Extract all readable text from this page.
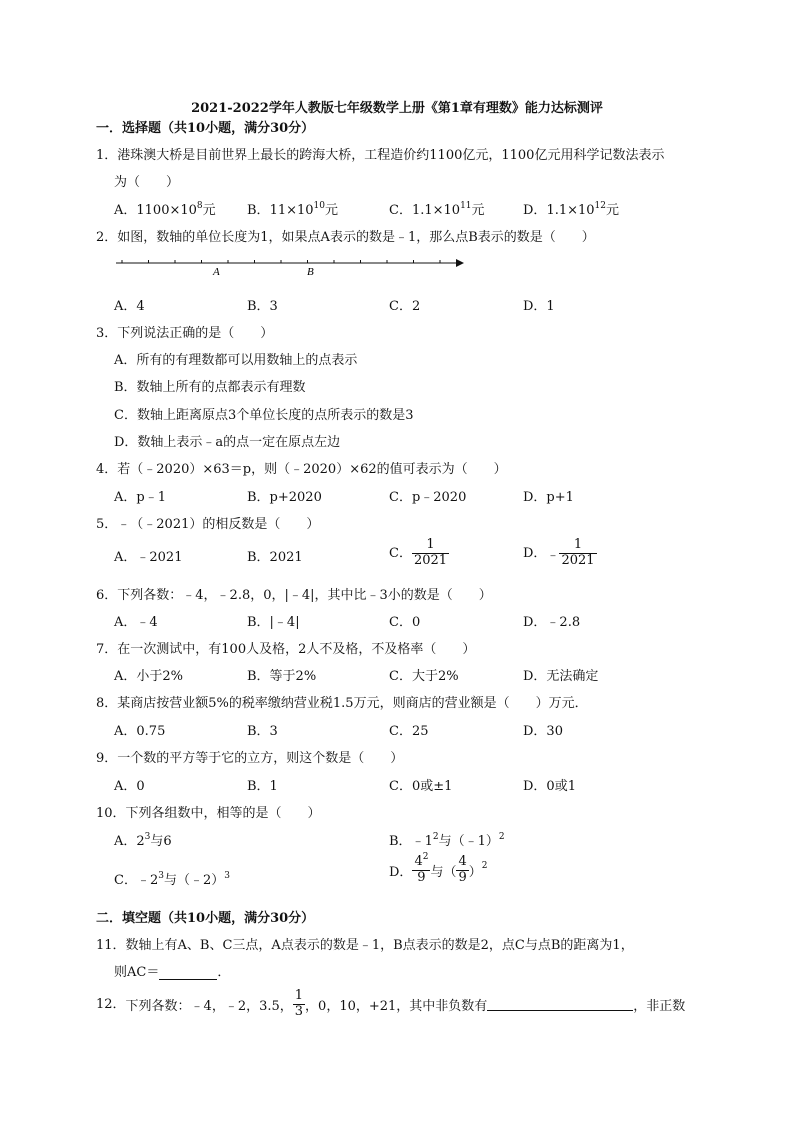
2021-2022学年人教版七年级数学上册《第1章有理数》能力达标测评
一．选择题（共10小题，满分30分）
1．港珠澳大桥是目前世界上最长的跨海大桥，工程造价约1100亿元，1100亿元用科学记数法表示
为（　　）
A．$1100\times 10^8$元 B．$11\times 10^{10}$元	C．$1.1\times 10^{11}$元	D．$1.1\times 10^{12}$元
2．如图，数轴的单位长度为1，如果点A表示的数是﹣1，那么点B表示的数是（　　）
A	B
A．4	B．3	C．2	D．1
3．下列说法正确的是（　　）
A．所有的有理数都可以用数轴上的点表示
B．数轴上所有的点都表示有理数
C．数轴上距离原点3个单位长度的点所表示的数是3
D．数轴上表示﹣a的点一定在原点左边
4．若（﹣2020）×63＝p，则（﹣2020）×62的值可表示为（　　）
A．p﹣1	B．p+2020	C．p﹣2020	D．p+1
5．﹣（﹣2021）的相反数是（　　）
A．﹣2021	B．2021	C． $\frac{1}{2021}$	D．﹣ $\frac{1}{2021}$
6．下列各数：﹣4，﹣2.8，0，|﹣4|，其中比﹣3小的数是（　　）
A．﹣4	B．|﹣4|	C．0	D．﹣2.8
7．在一次测试中，有100人及格，2人不及格，不及格率（　　）
A．小于2%	B．等于2%	C．大于2%	D．无法确定
8．某商店按营业额5%的税率缴纳营业税1.5万元，则商店的营业额是（　　）万元．
A．0.75	B．3	C．25	D．30
9．一个数的平方等于它的立方，则这个数是（　　）
A．0	B．1	C．0或±1	D．0或1
10．下列各组数中，相等的是（　　）
A．$2^3$与6	B．$﹣1^2$与（﹣1）$^2$
C．$﹣2^3$与（﹣2）$^3$	D． $\frac{4^2}{9}$ 与（ $\frac{4}{9} )^2$
二．填空题（共10小题，满分30分）
11．数轴上有A、B、C三点，A点表示的数是﹣1，B点表示的数是2，点C与点B的距离为1，
则AC＝	．
12．下列各数：﹣4，﹣2，3.5， $\frac{1}{3}$ ，0，10，+21，其中非负数有	，非正数
